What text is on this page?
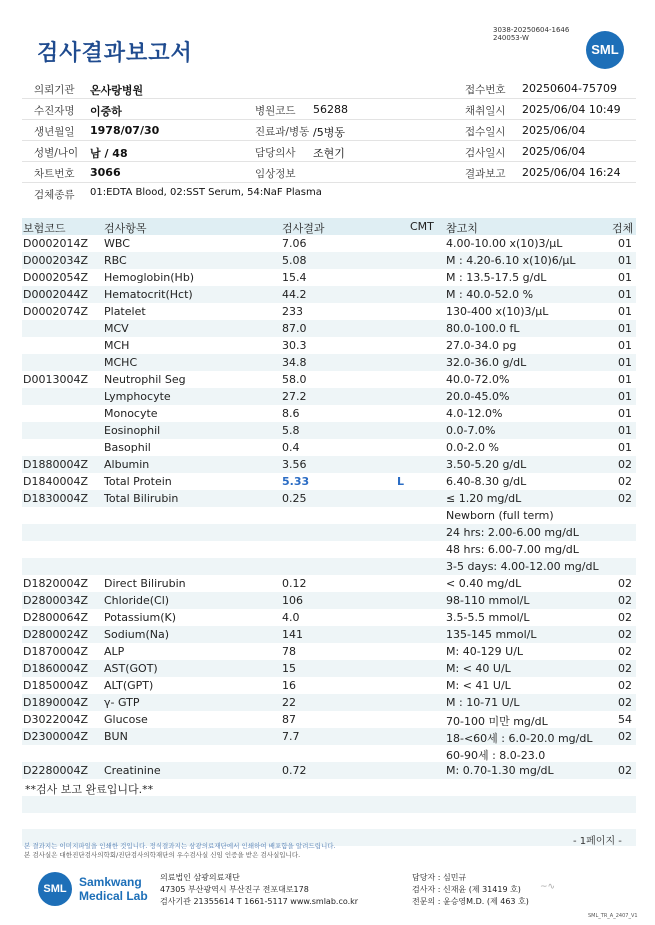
검사결과보고서
3038-20250604-1646
240053-W
SML
의뢰기관 온사랑병원	접수번호 20250604-75709
수진자명 이중하	병원코드 56288	채취일시 2025/06/04 10:49
생년월일 1978/07/30	진료과/병동 /5병동	접수일시 2025/06/04
성별/나이 남 / 48	담당의사 조현기	검사일시 2025/06/04
차트번호 3066	임상정보	결과보고 2025/06/04 16:24
검체종류 01:EDTA Blood, 02:SST Serum, 54:NaF Plasma
보험코드	검사항목	검사결과	CMT 참고치	검체
D0002014Z WBC	7.06	4.00-10.00 x(10)3/μL	01
D0002034Z RBC	5.08	M : 4.20-6.10 x(10)6/μL	01
D0002054Z Hemoglobin(Hb)	15.4	M : 13.5-17.5 g/dL	01
D0002044Z Hematocrit(Hct)	44.2	M : 40.0-52.0 %	01
D0002074Z Platelet	233	130-400 x(10)3/μL	01
MCV	87.0	80.0-100.0 fL	01
MCH	30.3	27.0-34.0 pg	01
MCHC	34.8	32.0-36.0 g/dL	01
D0013004Z Neutrophil Seg	58.0	40.0-72.0%	01
Lymphocyte	27.2	20.0-45.0%	01
Monocyte	8.6	4.0-12.0%	01
Eosinophil	5.8	0.0-7.0%	01
Basophil	0.4	0.0-2.0 %	01
D1880004Z Albumin	3.56	3.50-5.20 g/dL	02
D1840004Z Total Protein	5.33	L	6.40-8.30 g/dL	02
D1830004Z Total Bilirubin	0.25	≤ 1.20 mg/dL	02
Newborn (full term)
24 hrs: 2.00-6.00 mg/dL
48 hrs: 6.00-7.00 mg/dL
3-5 days: 4.00-12.00 mg/dL
D1820004Z Direct Bilirubin	0.12	< 0.40 mg/dL	02
D2800034Z Chloride(Cl)	106	98-110 mmol/L	02
D2800064Z Potassium(K)	4.0	3.5-5.5 mmol/L	02
D2800024Z Sodium(Na)	141	135-145 mmol/L	02
D1870004Z ALP	78	M: 40-129 U/L	02
D1860004Z AST(GOT)	15	M: < 40 U/L	02
D1850004Z ALT(GPT)	16	M: < 41 U/L	02
D1890004Z γ- GTP	22	M : 10-71 U/L	02
D3022004Z Glucose	87	70-100 미만 mg/dL	54
D2300004Z BUN	7.7	18-<60세 : 6.0-20.0 mg/dL 02
60-90세 : 8.0-23.0
D2280004Z Creatinine	0.72	M: 0.70-1.30 mg/dL	02
**검사 보고 완료입니다.**
- 1페이지 -
본 결과지는 이미지파일을 인쇄한 것입니다. 정식결과지는 삼광의료재단에서 인쇄하여 배포함을 알려드립니다.
본 검사실은 대한진단검사의학회/진단검사의학재단의 우수검사실 신임 인증을 받은 검사실입니다.
SML	Samkwang
Medical Lab
의료법인 삼광의료재단
47305 부산광역시 부산진구 전포대로178
검사기관 21355614 T 1661-5117 www.smlab.co.kr
담당자 : 심민규
검사자 : 신재윤 (제 31419 호)
전문의 : 윤승영M.D. (제 463 호)
~∿
SML_TR_A_2407_V1
